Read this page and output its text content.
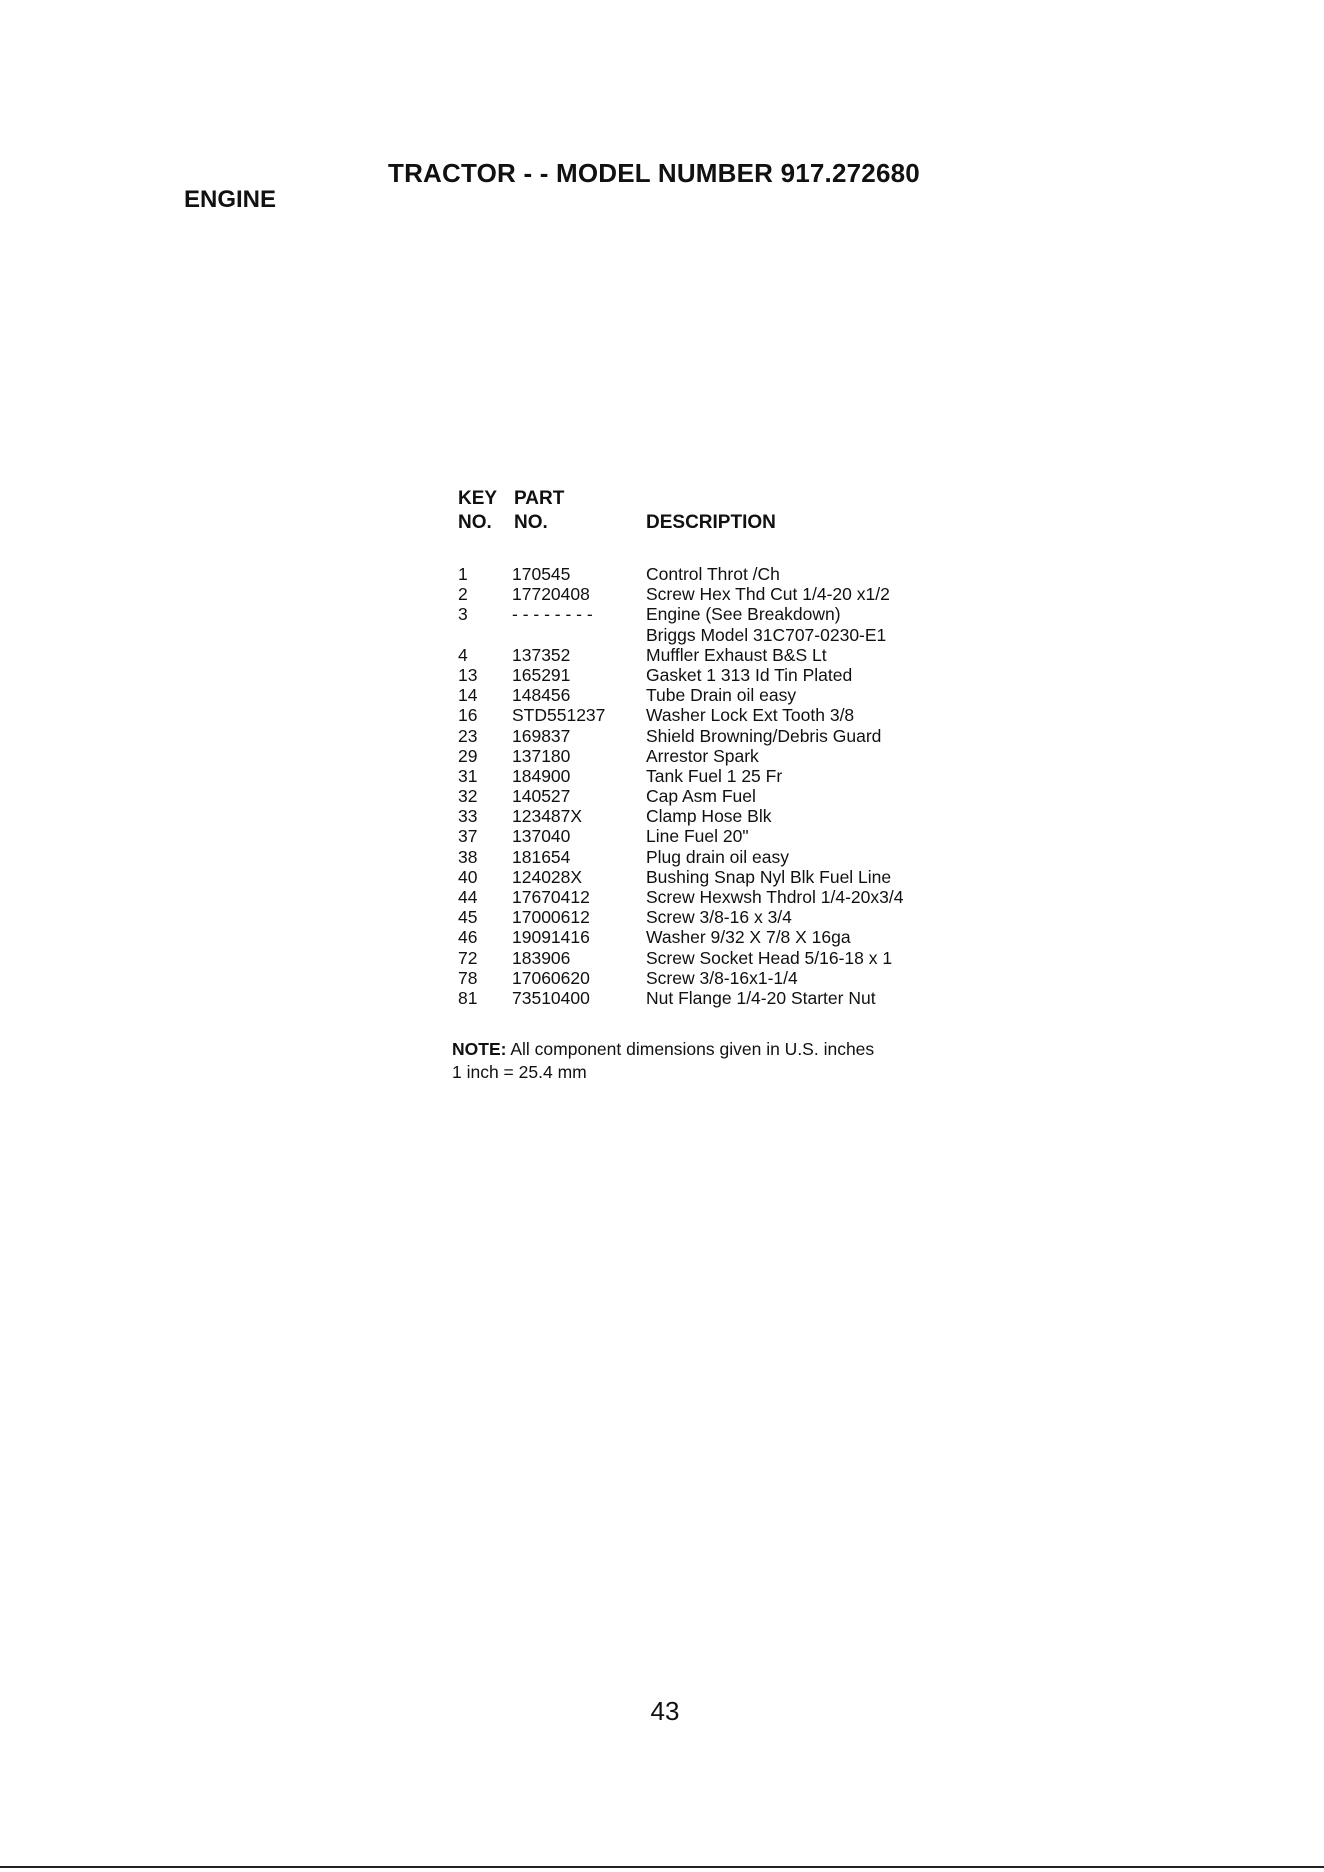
TRACTOR - - MODEL NUMBER 917.272680
ENGINE
KEY PART
NO. NO.	DESCRIPTION
1	170545	Control Throt /Ch
2	17720408	Screw Hex Thd Cut 1/4-20 x1/2
3	- - - - - - - -	Engine (See Breakdown)
Briggs Model 31C707-0230-E1
4	137352	Muffler Exhaust B&S Lt
13 165291	Gasket 1 313 Id Tin Plated
14 148456	Tube Drain oil easy
16 STD551237 Washer Lock Ext Tooth 3/8
23 169837	Shield Browning/Debris Guard
29 137180	Arrestor Spark
31 184900	Tank Fuel 1 25 Fr
32 140527	Cap Asm Fuel
33 123487X	Clamp Hose Blk
37 137040	Line Fuel 20"
38 181654	Plug drain oil easy
40 124028X	Bushing Snap Nyl Blk Fuel Line
44 17670412	Screw Hexwsh Thdrol 1/4-20x3/4
45 17000612	Screw 3/8-16 x 3/4
46 19091416	Washer 9/32 X 7/8 X 16ga
72 183906	Screw Socket Head 5/16-18 x 1
78 17060620	Screw 3/8-16x1-1/4
81 73510400	Nut Flange 1/4-20 Starter Nut
NOTE: All component dimensions given in U.S. inches
1 inch = 25.4 mm
43
